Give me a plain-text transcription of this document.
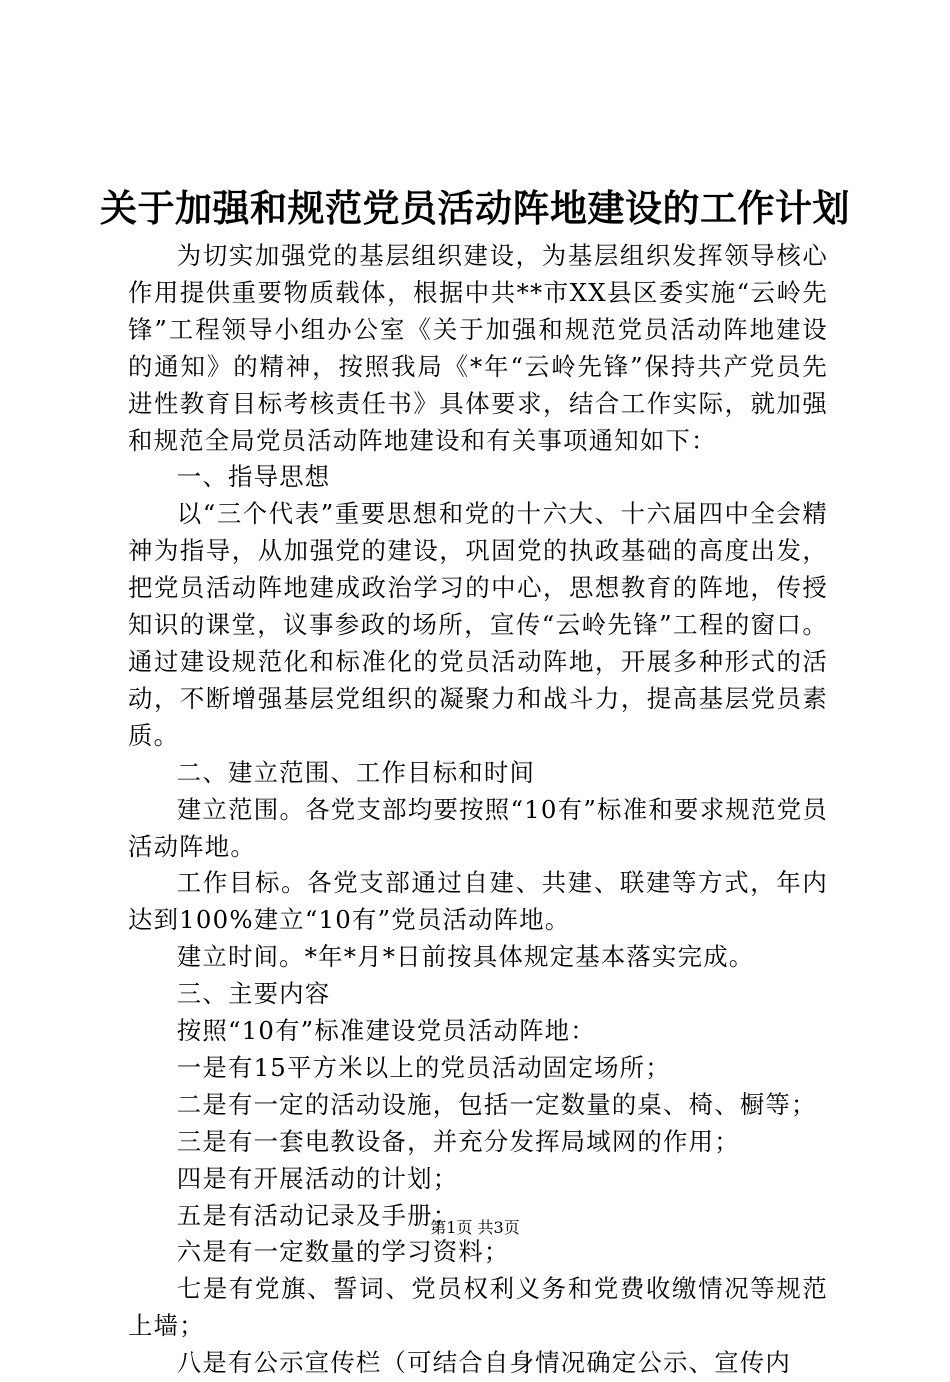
关于加强和规范党员活动阵地建设的工作计划

为切实加强党的基层组织建设，为基层组织发挥领导核心作用提供重要物质载体，根据中共**市XX县区委实施“云岭先锋”工程领导小组办公室《关于加强和规范党员活动阵地建设的通知》的精神，按照我局《*年“云岭先锋”保持共产党员先进性教育目标考核责任书》具体要求，结合工作实际，就加强和规范全局党员活动阵地建设和有关事项通知如下：

一、指导思想

以“三个代表”重要思想和党的十六大、十六届四中全会精神为指导，从加强党的建设，巩固党的执政基础的高度出发，把党员活动阵地建成政治学习的中心，思想教育的阵地，传授知识的课堂，议事参政的场所，宣传“云岭先锋”工程的窗口。通过建设规范化和标准化的党员活动阵地，开展多种形式的活动，不断增强基层党组织的凝聚力和战斗力，提高基层党员素质。

二、建立范围、工作目标和时间

建立范围。各党支部均要按照“10有”标准和要求规范党员活动阵地。

工作目标。各党支部通过自建、共建、联建等方式，年内达到100%建立“10有”党员活动阵地。

建立时间。*年*月*日前按具体规定基本落实完成。

三、主要内容

按照“10有”标准建设党员活动阵地：

一是有15平方米以上的党员活动固定场所；

二是有一定的活动设施，包括一定数量的桌、椅、橱等；

三是有一套电教设备，并充分发挥局域网的作用；

四是有开展活动的计划；

五是有活动记录及手册；

六是有一定数量的学习资料；

七是有党旗、誓词、党员权利义务和党费收缴情况等规范上墙；

八是有公示宣传栏（可结合自身情况确定公示、宣传内

第1页 共3页
